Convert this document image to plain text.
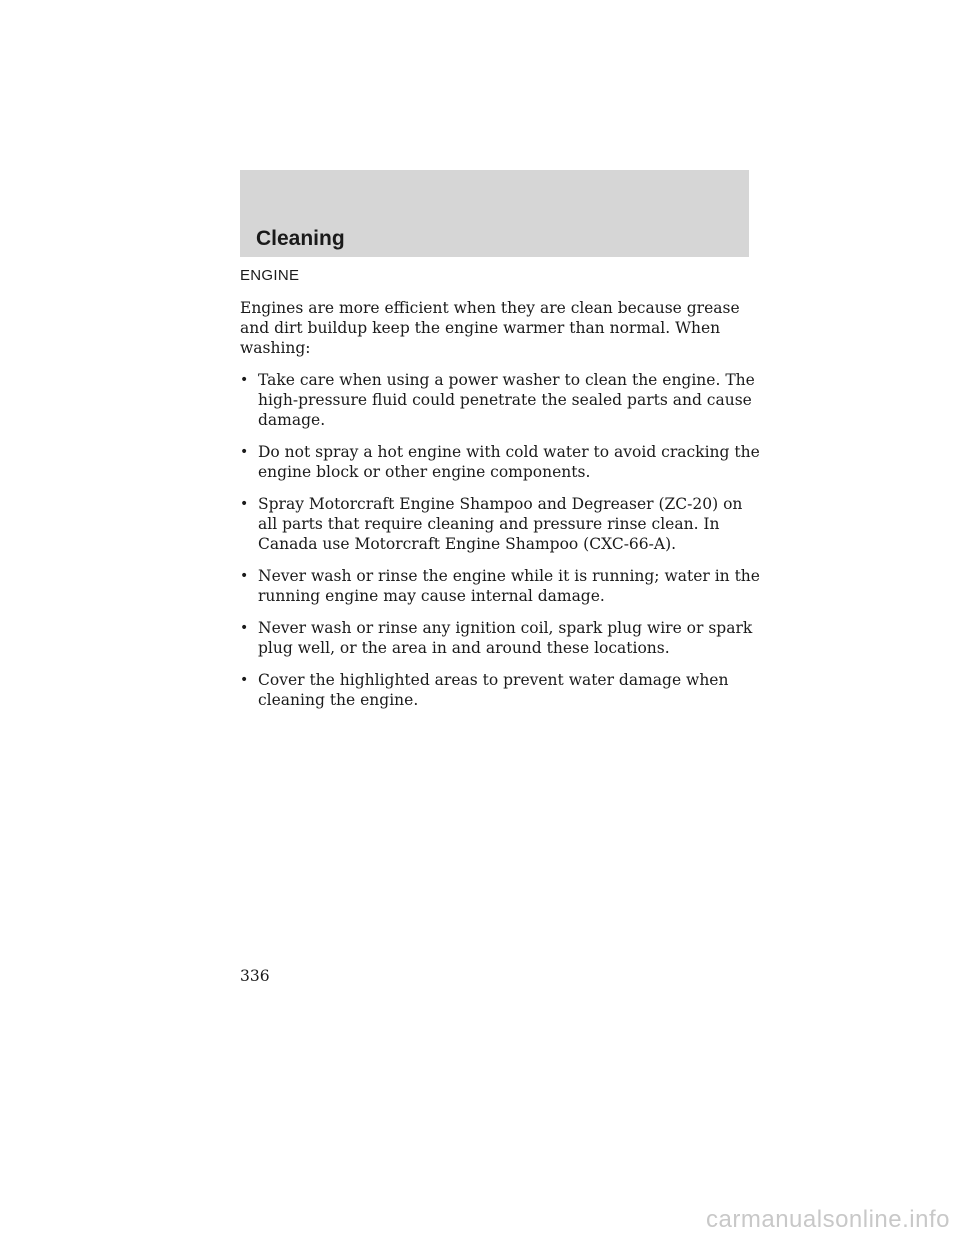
Cleaning
ENGINE

Engines are more efficient when they are clean because grease and dirt buildup keep the engine warmer than normal. When washing:

• Take care when using a power washer to clean the engine. The high-pressure fluid could penetrate the sealed parts and cause damage.
• Do not spray a hot engine with cold water to avoid cracking the engine block or other engine components.
• Spray Motorcraft Engine Shampoo and Degreaser (ZC-20) on all parts that require cleaning and pressure rinse clean. In Canada use Motorcraft Engine Shampoo (CXC-66-A).
• Never wash or rinse the engine while it is running; water in the running engine may cause internal damage.
• Never wash or rinse any ignition coil, spark plug wire or spark plug well, or the area in and around these locations.
• Cover the highlighted areas to prevent water damage when cleaning the engine.
336
carmanualsonline.info
